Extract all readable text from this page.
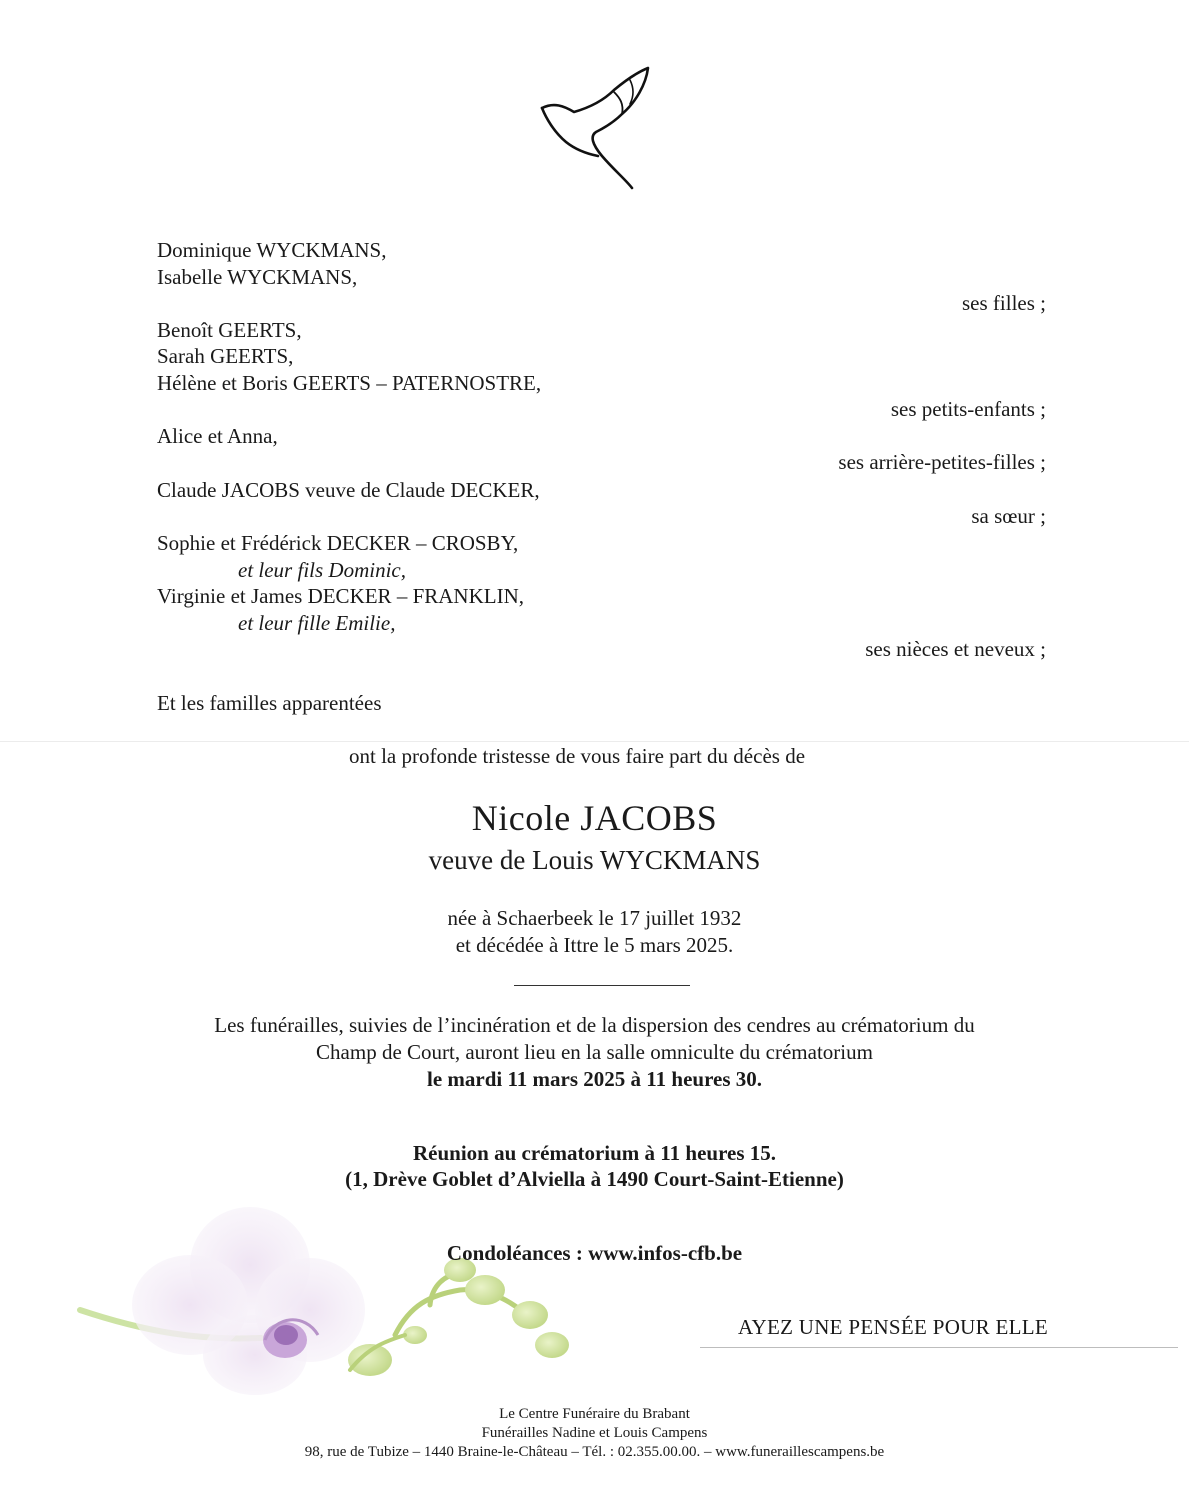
Dominique WYCKMANS,
Isabelle WYCKMANS,
ses filles ;
Benoît GEERTS,
Sarah GEERTS,
Hélène et Boris GEERTS – PATERNOSTRE,
ses petits-enfants ;
Alice et Anna,
ses arrière-petites-filles ;
Claude JACOBS veuve de Claude DECKER,
sa sœur ;
Sophie et Frédérick DECKER – CROSBY,
et leur fils Dominic,
Virginie et James DECKER – FRANKLIN,
et leur fille Emilie,
ses nièces et neveux ;
Et les familles apparentées
ont la profonde tristesse de vous faire part du décès de
Nicole JACOBS
veuve de Louis WYCKMANS
née à Schaerbeek le 17 juillet 1932
et décédée à Ittre le 5 mars 2025.
Les funérailles, suivies de l’incinération et de la dispersion des cendres au crématorium du
Champ de Court, auront lieu en la salle omniculte du crématorium
le mardi 11 mars 2025 à 11 heures 30.
Réunion au crématorium à 11 heures 15.
(1, Drève Goblet d’Alviella à 1490 Court-Saint-Etienne)
Condoléances : www.infos-cfb.be
AYEZ UNE PENSÉE POUR ELLE
Le Centre Funéraire du Brabant
Funérailles Nadine et Louis Campens
98, rue de Tubize – 1440 Braine-le-Château – Tél. : 02.355.00.00. – www.funeraillescampens.be
